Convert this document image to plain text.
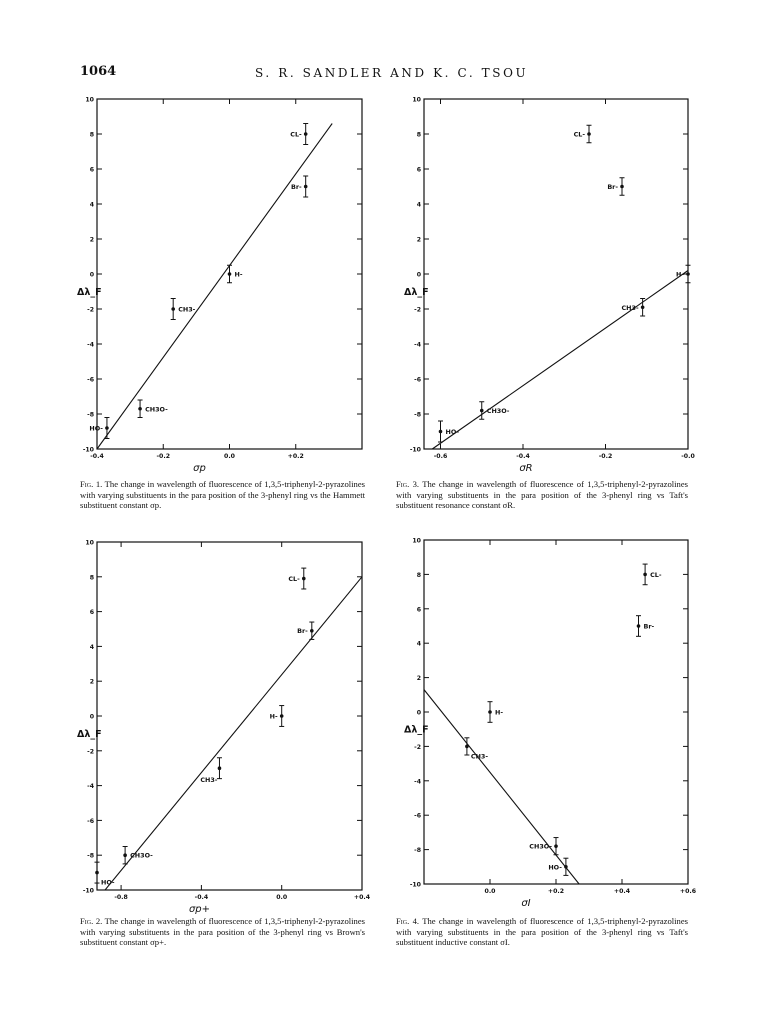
1064	S. R. SANDLER AND K. C. TSOU
10
8
6
4
2
0
-2
-4
-6
-8
-10
-0.4	-0.2	0.0	+0.2
σp
Δλ_F
HO-
CH3O-
CH3-
H-
Br-
CL-
10
8
6
4
2
0
-2
-4
-6
-8
-10
-0.6	-0.4	-0.2	-0.0
σR
Δλ_F
HO-
CH3O-
CH3-
H-
Br-
CL-
10
8
6
4
2
0
-2
-4
-6
-8
-10
-0.8	-0.4	0.0	+0.4
σp+
Δλ_F
HO-
CH3O-
CH3-
H-
Br-
CL-
10
8
6
4
2
0
-2
-4
-6
-8
-10
0.0	+0.2	+0.4	+0.6
σI
Δλ_F
CH3-
H-
CH3O-
HO-
Br-
CL-
Fig. 1. The change in wavelength of fluorescence of 1,3,5-triphenyl-2-pyrazolines with varying substituents in the para position of the 3-phenyl ring vs the Hammett substituent constant σp.
Fig. 3. The change in wavelength of fluorescence of 1,3,5-triphenyl-2-pyrazolines with varying substituents in the para position of the 3-phenyl ring vs Taft's substituent resonance constant σR.
Fig. 2. The change in wavelength of fluorescence of 1,3,5-triphenyl-2-pyrazolines with varying substituents in the para position of the 3-phenyl ring vs Brown's substituent constant σp+.
Fig. 4. The change in wavelength of fluorescence of 1,3,5-triphenyl-2-pyrazolines with varying substituents in the para position of the 3-phenyl ring vs Taft's substituent inductive constant σI.
